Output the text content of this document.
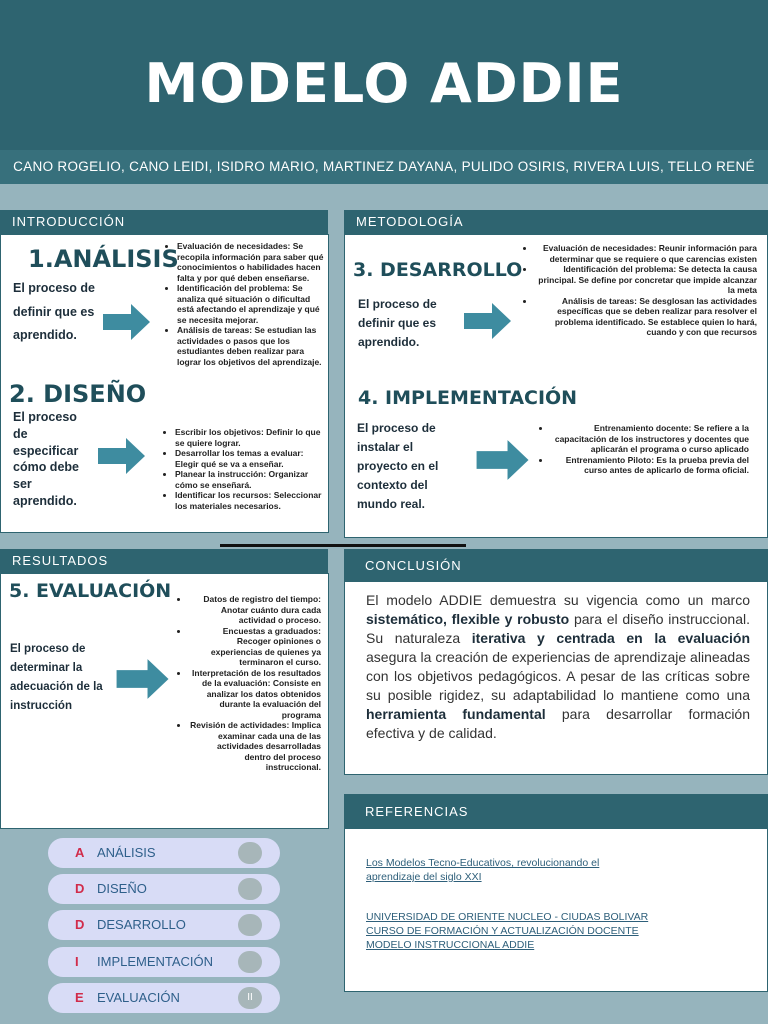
MODELO ADDIE
CANO ROGELIO, CANO LEIDI, ISIDRO MARIO, MARTINEZ DAYANA, PULIDO OSIRIS, RIVERA LUIS, TELLO RENÉ
INTRODUCCIÓN
1.ANÁLISIS
El proceso de definir que es aprendido.
• Evaluación de necesidades: Se recopila información para saber qué conocimientos o habilidades hacen falta y por qué deben enseñarse.
• Identificación del problema: Se analiza qué situación o dificultad está afectando el aprendizaje y qué se necesita mejorar.
• Análisis de tareas: Se estudian las actividades o pasos que los estudiantes deben realizar para lograr los objetivos del aprendizaje.
2. DISEÑO
El proceso de especificar cómo debe ser aprendido.
• Escribir los objetivos: Definir lo que se quiere lograr.
• Desarrollar los temas a evaluar: Elegir qué se va a enseñar.
• Planear la instrucción: Organizar cómo se enseñará.
• Identificar los recursos: Seleccionar los materiales necesarios.
METODOLOGÍA
3. DESARROLLO
El proceso de definir que es aprendido.
• Evaluación de necesidades: Reunir información para determinar que se requiere o que carencias existen
• Identificación del problema: Se detecta la causa principal. Se define por concretar que impide alcanzar la meta
• Análisis de tareas: Se desglosan las actividades específicas que se deben realizar para resolver el problema identificado. Se establece quien lo hará, cuando y con que recursos
4. IMPLEMENTACIÓN
El proceso de instalar el proyecto en el contexto del mundo real.
• Entrenamiento docente: Se refiere a la capacitación de los instructores y docentes que aplicarán el programa o curso aplicado
• Entrenamiento Piloto: Es la prueba previa del curso antes de aplicarlo de forma oficial.
RESULTADOS
5. EVALUACIÓN
El proceso de determinar la adecuación de la instrucción
• Datos de registro del tiempo: Anotar cuánto dura cada actividad o proceso.
• Encuestas a graduados: Recoger opiniones o experiencias de quienes ya terminaron el curso.
• Interpretación de los resultados de la evaluación: Consiste en analizar los datos obtenidos durante la evaluación del programa
• Revisión de actividades: Implica examinar cada una de las actividades desarrolladas dentro del proceso instruccional.
CONCLUSIÓN
El modelo ADDIE demuestra su vigencia como un marco sistemático, flexible y robusto para el diseño instruccional. Su naturaleza iterativa y centrada en la evaluación asegura la creación de experiencias de aprendizaje alineadas con los objetivos pedagógicos. A pesar de las críticas sobre su posible rigidez, su adaptabilidad lo mantiene como una herramienta fundamental para desarrollar formación efectiva y de calidad.
REFERENCIAS
Los Modelos Tecno-Educativos, revolucionando el
aprendizaje del siglo XXI
UNIVERSIDAD DE ORIENTE NUCLEO - CIUDAS BOLIVAR
CURSO DE FORMACIÓN Y ACTUALIZACIÓN DOCENTE
MODELO INSTRUCCIONAL ADDIE
A ANÁLISIS
D DISEÑO
D DESARROLLO
I IMPLEMENTACIÓN
E EVALUACIÓN	II
